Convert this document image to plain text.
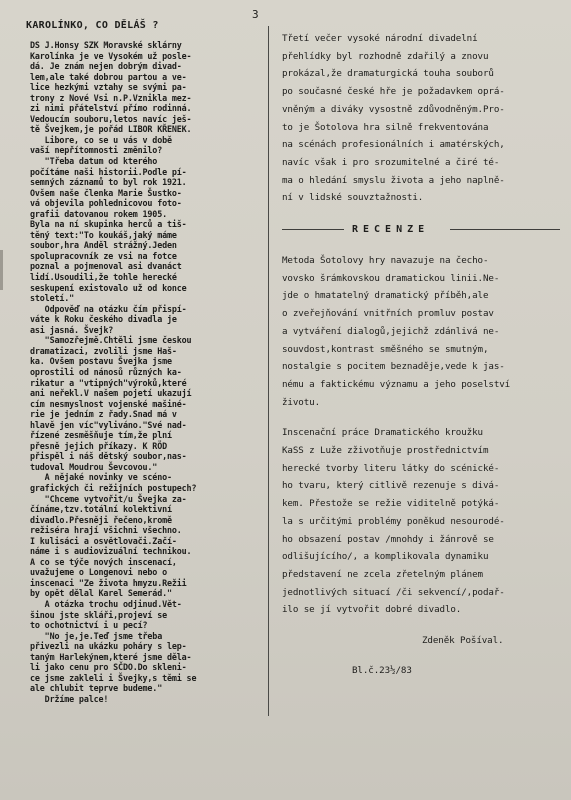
3
KAROLÍNKO, CO DĚLÁŠ ?
DS J.Honsy SZK Moravské sklárny
Karolínka je ve Vysokém už posle-
dá. Je znám nejen dobrým divad-
lem,ale také dobrou partou a ve-
lice hezkými vztahy se svými pa-
trony z Nové Vsi n.P.Vznikla mez-
zi nimi přátelství přímo rodinná.
Vedoucím souboru,letos navíc ješ-
tě Švejkem,je pořád LIBOR KŘENEK.
Libore, co se u vás v době
vaší nepřítomnosti změnilo?
"Třeba datum od kterého
počítáme naši historii.Podle pí-
semných záznamů to byl rok 1921.
Ovšem naše členka Marie Šustko-
vá objevila pohlednicovou foto-
grafii datovanou rokem 1905.
Byla na ní skupinka herců a tiš-
těný text:"To koukáš,jaký máme
soubor,hra Anděl strážný.Jeden
spolupracovník ze vsi na fotce
poznal a pojmenoval asi dvanáct
lidí.Usoudili,že tohle herecké
seskupení existovalo už od konce
století."
Odpověď na otázku čím přispí-
váte k Roku českého divadla je
asi jasná. Švejk?
"Samozřejmě.Chtěli jsme českou
dramatizaci, zvolili jsme Haš-
ka. Ovšem postavu Švejka jsme
oprostili od nánosů různých ka-
rikatur a "vtipných"výroků,které
ani neřekl.V našem pojetí ukazují
cím nesmyslnost vojenské mašiné-
rie je jedním z řady.Snad má v
hlavě jen víc"vyliváno."Své nad-
řízené zesměšňuje tím,že plní
přesně jejich příkazy. K RÖD
přispěl i náš dětský soubor,nas-
tudoval Moudrou Ševcovou."
A nějaké novinky ve scéno-
grafických či režijních postupech?
"Chceme vytvořit/u Švejka za-
čínáme,tzv.totální kolektivní
divadlo.Přesněji řečeno,kromě
režiséra hrají všichni všechno.
I kulisáci a osvětlovači.Začí-
náme i s audiovizuální technikou.
A co se týče nových inscenací,
uvažujeme o Longenovi nebo o
inscenaci "Ze života hmyzu.Režii
by opět dělal Karel Semerád."
A otázka trochu odjinud.Vět-
šinou jste skláři,projeví se
to ochotnictví i u pecí?
"No je,je.Teď jsme třeba
přivezli na ukázku poháry s lep-
taným Harlekýnem,které jsme děla-
li jako cenu pro SČDO.Do skleni-
ce jsme zakleli i Švejky,s těmi se
ale chlubit teprve budeme."
Držíme palce!
Třetí večer vysoké národní divadelní
přehlídky byl rozhodně zdařilý a znovu
prokázal,že dramaturgická touha souborů
po současné české hře je požadavkem oprá-
vněným a diváky vysostně zdůvodněným.Pro-
to je Šotolova hra silně frekventována
na scénách profesionálních i amatérských,
navíc však i pro srozumitelné a čiré té-
ma o hledání smyslu života a jeho naplně-
ní v lidské souvztažnosti.
RECENZE
Metoda Šotolovy hry navazuje na čecho-
vovsko šrámkovskou dramatickou linii.Ne-
jde o hmatatelný dramatický příběh,ale
o zveřejňování vnitřních promluv postav
a vytváření dialogů,jejichž zdánlivá ne-
souvdost,kontrast směšného se smutným,
nostalgie s pocitem beznaděje,vede k jas-
nému a faktickému významu a jeho poselství
životu.
Inscenační práce Dramatického kroužku
KaSS z Luže zživotňuje prostřednictvím
herecké tvorby literu látky do scénické-
ho tvaru, který citlivě rezenuje s divá-
kem. Přestože se režie viditelně potýká-
la s určitými problémy poněkud nesourodé-
ho obsazení postav /mnohdy i žánrově se
odlišujícího/, a komplikovala dynamiku
představení ne zcela zřetelným plánem
jednotlivých situací /či sekvencí/,podař-
ilo se jí vytvořit dobré divadlo.
Zdeněk Pošíval.
Bl.č.23½/83
